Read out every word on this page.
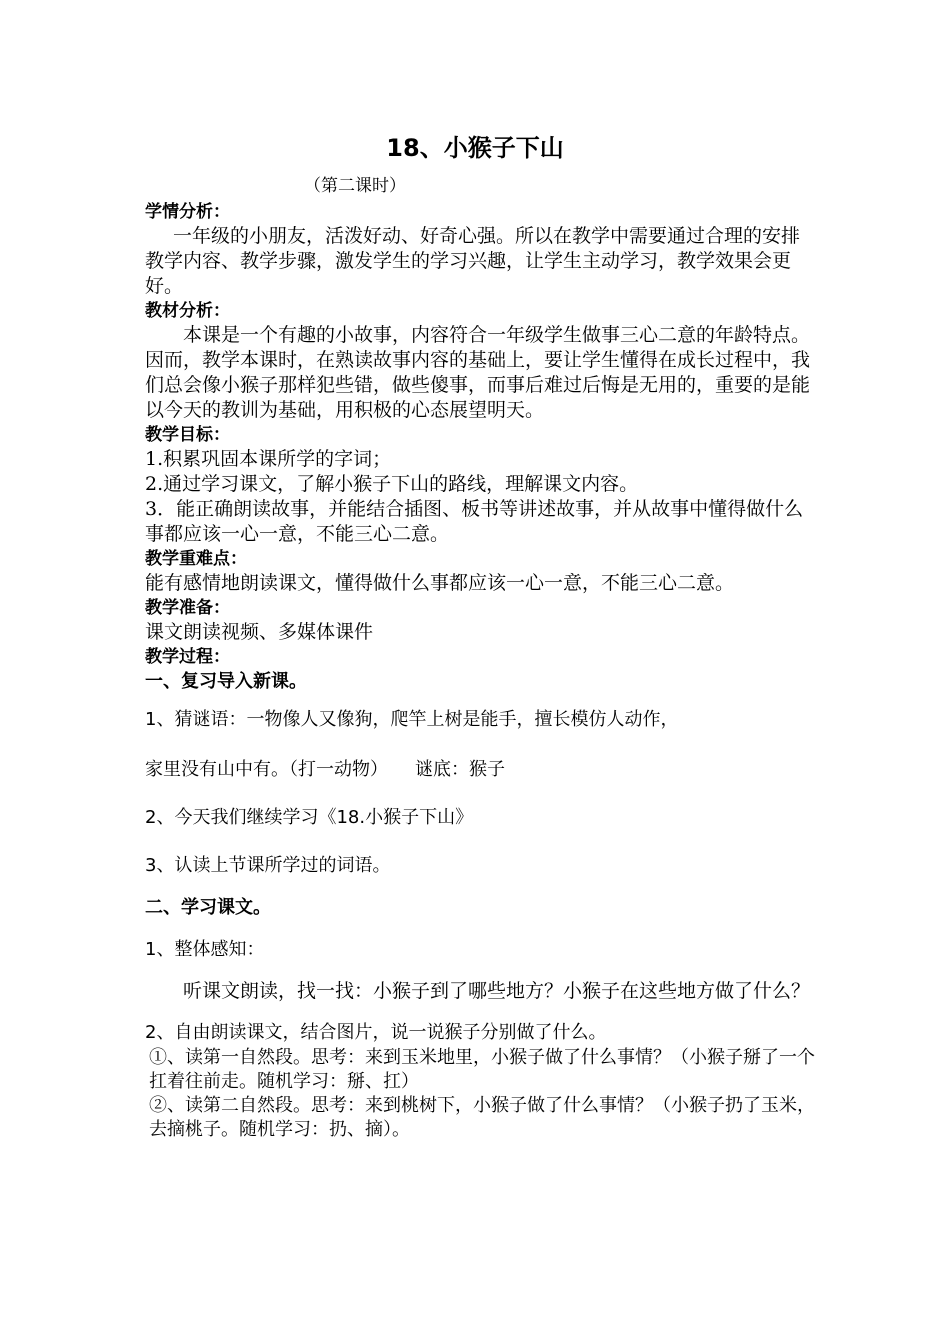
18、小猴子下山
（第二课时）

学情分析：

一年级的小朋友，活泼好动、好奇心强。所以在教学中需要通过合理的安排教学内容、教学步骤，激发学生的学习兴趣，让学生主动学习，教学效果会更好。

教材分析：

本课是一个有趣的小故事，内容符合一年级学生做事三心二意的年龄特点。因而，教学本课时，在熟读故事内容的基础上，要让学生懂得在成长过程中，我们总会像小猴子那样犯些错，做些傻事，而事后难过后悔是无用的，重要的是能以今天的教训为基础，用积极的心态展望明天。

教学目标：

1.积累巩固本课所学的字词；

2.通过学习课文，了解小猴子下山的路线，理解课文内容。

3．能正确朗读故事，并能结合插图、板书等讲述故事，并从故事中懂得做什么事都应该一心一意，不能三心二意。

教学重难点：

能有感情地朗读课文，懂得做什么事都应该一心一意，不能三心二意。

教学准备：

课文朗读视频、多媒体课件

教学过程：

一、复习导入新课。

1、猜谜语：一物像人又像狗，爬竿上树是能手，擅长模仿人动作，

家里没有山中有。（打一动物）　　谜底：猴子

2、今天我们继续学习《18.小猴子下山》

3、认读上节课所学过的词语。

二、学习课文。

1、整体感知：

听课文朗读，找一找：小猴子到了哪些地方？小猴子在这些地方做了什么？

2、自由朗读课文，结合图片，说一说猴子分别做了什么。

①、读第一自然段。思考：来到玉米地里，小猴子做了什么事情？（小猴子掰了一个扛着往前走。随机学习：掰、扛）

②、读第二自然段。思考：来到桃树下，小猴子做了什么事情？（小猴子扔了玉米，去摘桃子。随机学习：扔、摘）。
